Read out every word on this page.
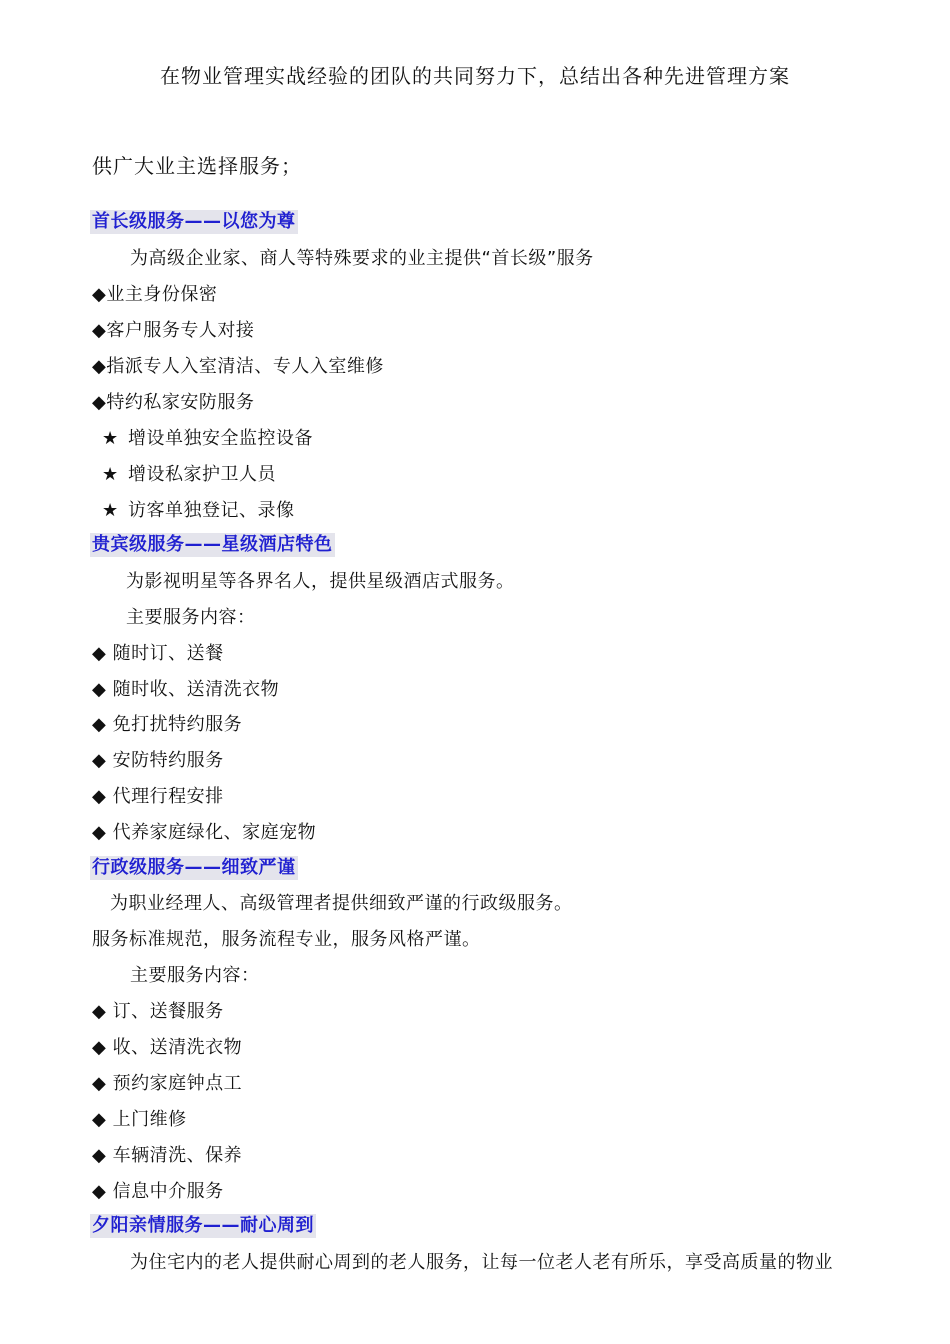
在物业管理实战经验的团队的共同努力下，总结出各种先进管理方案
供广大业主选择服务；
首长级服务——以您为尊
为高级企业家、商人等特殊要求的业主提供“首长级”服务
◆业主身份保密
◆客户服务专人对接
◆指派专人入室清洁、专人入室维修
◆特约私家安防服务
★ 增设单独安全监控设备
★ 增设私家护卫人员
★ 访客单独登记、录像
贵宾级服务——星级酒店特色
为影视明星等各界名人，提供星级酒店式服务。
主要服务内容：
◆ 随时订、送餐
◆ 随时收、送清洗衣物
◆ 免打扰特约服务
◆ 安防特约服务
◆ 代理行程安排
◆ 代养家庭绿化、家庭宠物
行政级服务——细致严谨
为职业经理人、高级管理者提供细致严谨的行政级服务。
服务标准规范，服务流程专业，服务风格严谨。
主要服务内容：
◆ 订、送餐服务
◆ 收、送清洗衣物
◆ 预约家庭钟点工
◆ 上门维修
◆ 车辆清洗、保养
◆ 信息中介服务
夕阳亲情服务——耐心周到
为住宅内的老人提供耐心周到的老人服务，让每一位老人老有所乐，享受高质量的物业
